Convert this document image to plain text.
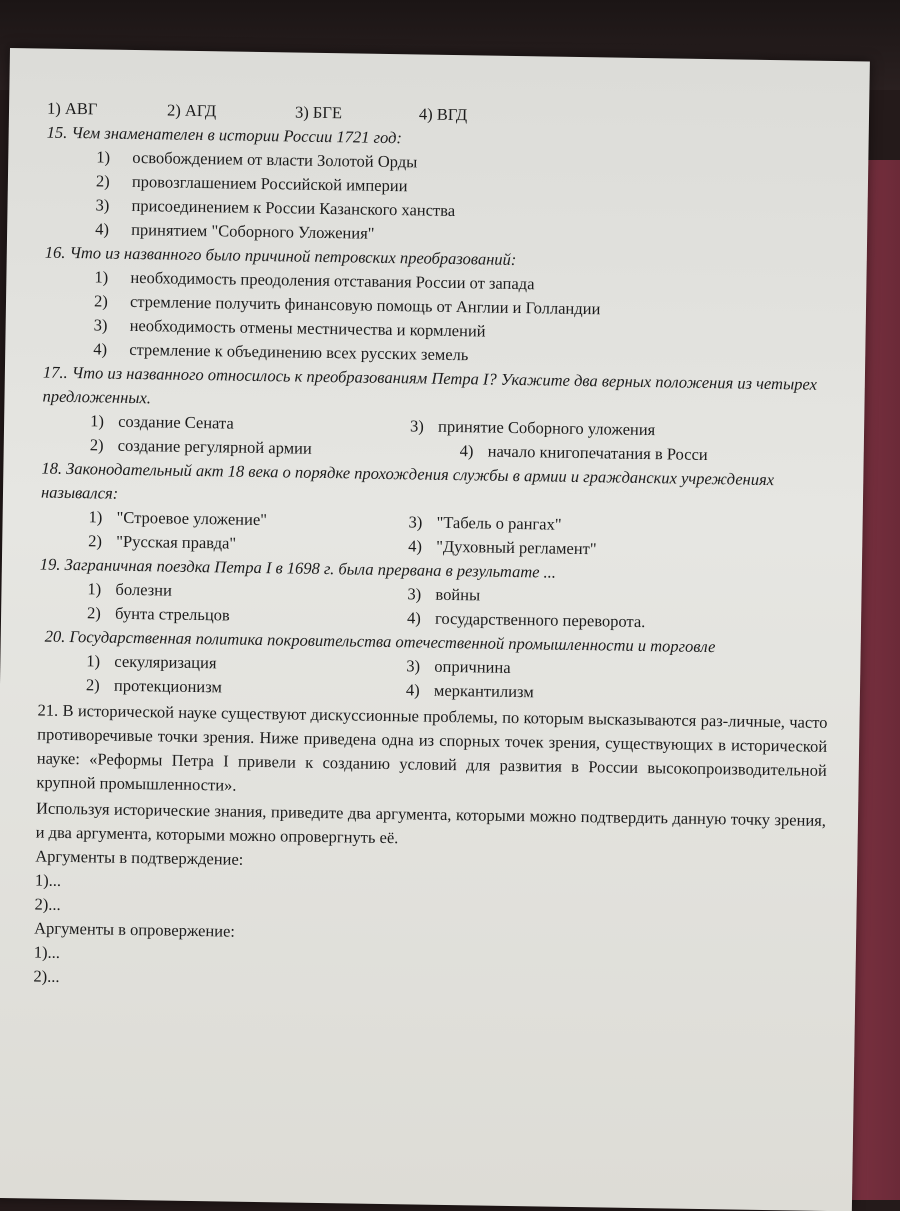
1) АВГ	2) АГД	3) БГЕ	4) ВГД
15. Чем знаменателен в истории России 1721 год:
1)	освобождением от власти Золотой Орды
2)	провозглашением Российской империи
3)	присоединением к России Казанского ханства
4)	принятием "Соборного Уложения"
16. Что из названного было причиной петровских преобразований:
1)	необходимость преодоления отставания России от запада
2)	стремление получить финансовую помощь от Англии и Голландии
3)	необходимость отмены местничества и кормлений
4)	стремление к объединению всех русских земель
17.. Что из названного относилось к преобразованиям Петра I? Укажите два верных положения из четырех предложенных.
1) создание Сената	3) принятие Соборного уложения
2) создание регулярной армии	4) начало книгопечатания в Росси
18. Законодательный акт 18 века о порядке прохождения службы в армии и гражданских учреждениях назывался:
1) "Строевое уложение"	3) "Табель о рангах"
2) "Русская правда"	4) "Духовный регламент"
19. Заграничная поездка Петра I в 1698 г. была прервана в результате ...
1) болезни	3) войны
2) бунта стрельцов	4) государственного переворота.
20. Государственная политика покровительства отечественной промышленности и торговле
1) секуляризация	3) опричнина
2) протекционизм	4) меркантилизм
21. В исторической науке существуют дискуссионные проблемы, по которым высказываются раз-личные, часто противоречивые точки зрения. Ниже приведена одна из спорных точек зрения, существующих в исторической науке: «Реформы Петра I привели к созданию условий для развития в России высокопроизводительной крупной промышленности».
Используя исторические знания, приведите два аргумента, которыми можно подтвердить данную точку зрения, и два аргумента, которыми можно опровергнуть её.
Аргументы в подтверждение:
1)...
2)...
Аргументы в опровержение:
1)...
2)...
